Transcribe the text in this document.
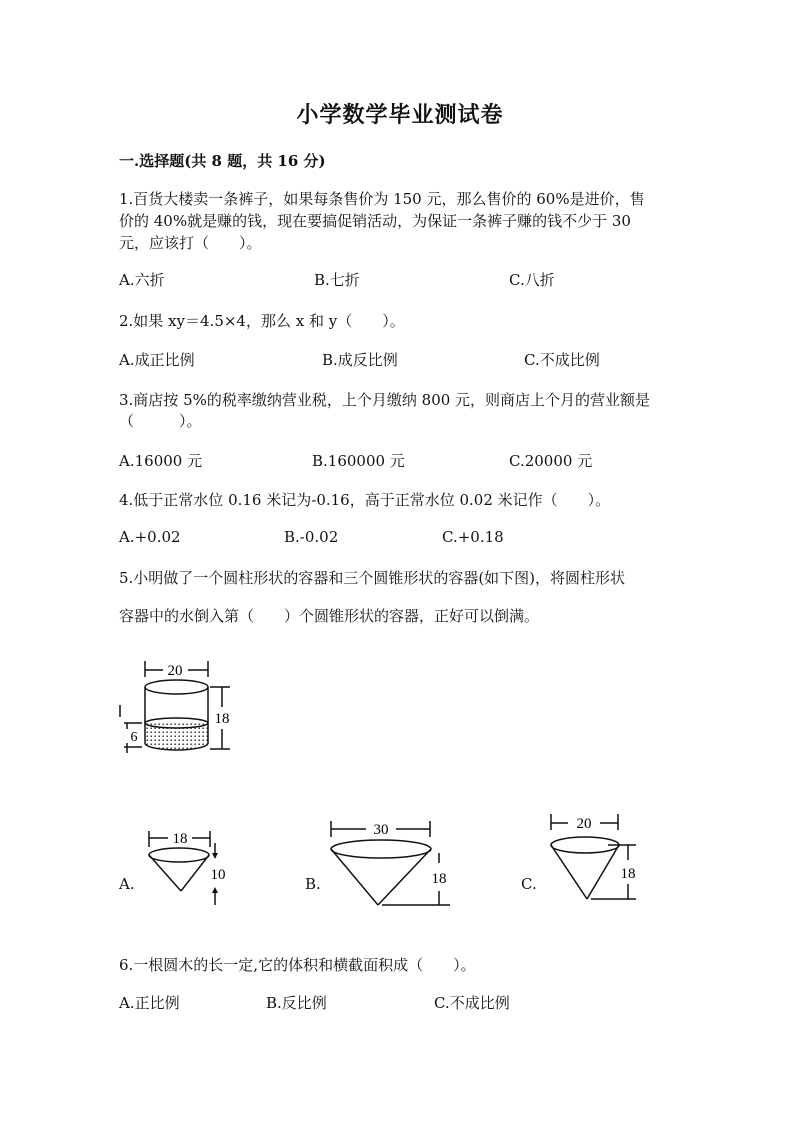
小学数学毕业测试卷
一.选择题(共 8 题，共 16 分)
1.百货大楼卖一条裤子，如果每条售价为 150 元，那么售价的 60%是进价，售
价的 40%就是赚的钱，现在要搞促销活动，为保证一条裤子赚的钱不少于 30
元，应该打（　　）。
A.六折	B.七折	C.八折
2.如果 xy＝4.5×4，那么 x 和 y（　　）。
A.成正比例	B.成反比例	C.不成比例
3.商店按 5%的税率缴纳营业税，上个月缴纳 800 元，则商店上个月的营业额是
（　　　）。
A.16000 元	B.160000 元	C.20000 元
4.低于正常水位 0.16 米记为-0.16，高于正常水位 0.02 米记作（　　）。
A.+0.02	B.-0.02	C.+0.18
5.小明做了一个圆柱形状的容器和三个圆锥形状的容器(如下图)，将圆柱形状
容器中的水倒入第（　　）个圆锥形状的容器，正好可以倒满。
20
18
6
A.
18
10	B.
30
18	C.
20
18
6.一根圆木的长一定,它的体积和横截面积成（　　）。
A.正比例	B.反比例	C.不成比例
